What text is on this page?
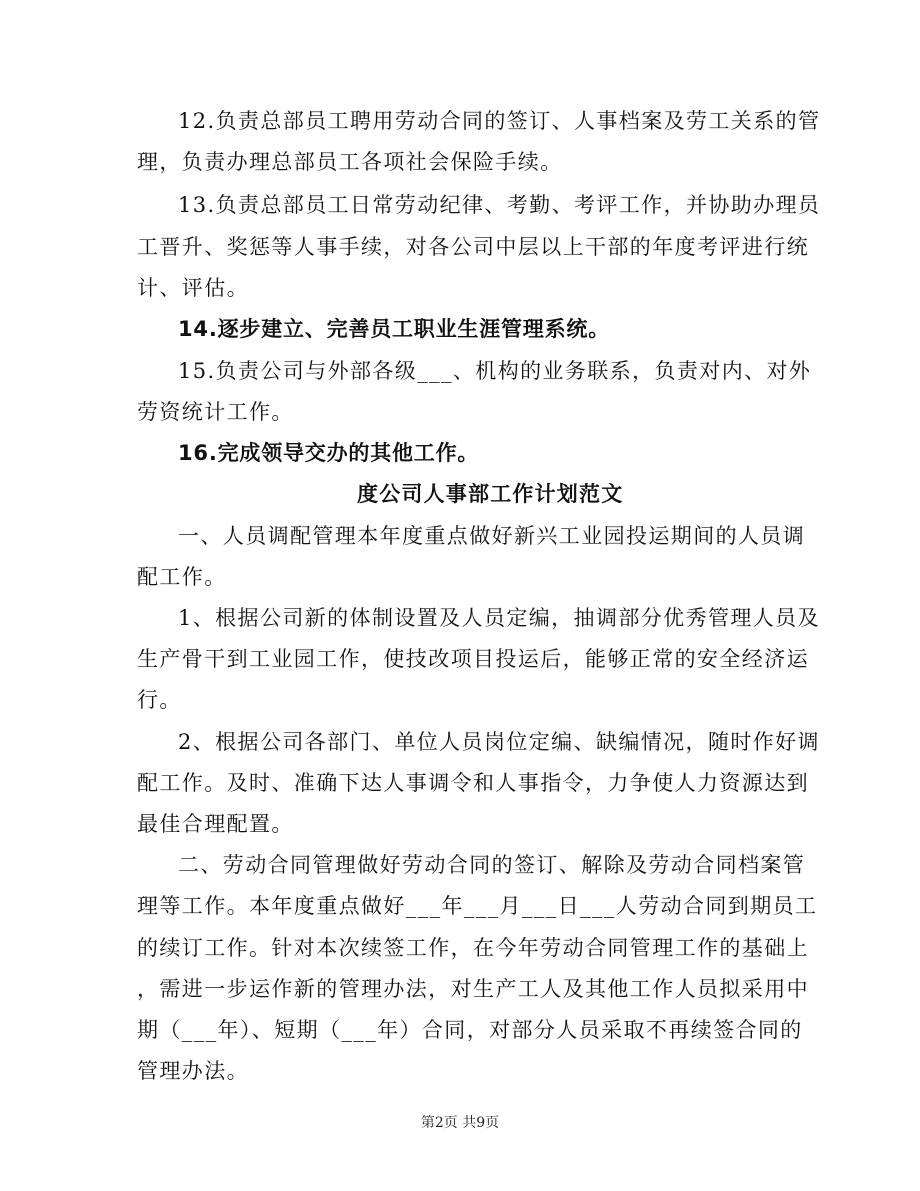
12.负责总部员工聘用劳动合同的签订、人事档案及劳工关系的管
理，负责办理总部员工各项社会保险手续。
13.负责总部员工日常劳动纪律、考勤、考评工作，并协助办理员
工晋升、奖惩等人事手续，对各公司中层以上干部的年度考评进行统
计、评估。
14.逐步建立、完善员工职业生涯管理系统。
15.负责公司与外部各级___、机构的业务联系，负责对内、对外
劳资统计工作。
16.完成领导交办的其他工作。
度公司人事部工作计划范文
一、人员调配管理本年度重点做好新兴工业园投运期间的人员调
配工作。
1、根据公司新的体制设置及人员定编，抽调部分优秀管理人员及
生产骨干到工业园工作，使技改项目投运后，能够正常的安全经济运
行。
2、根据公司各部门、单位人员岗位定编、缺编情况，随时作好调
配工作。及时、准确下达人事调令和人事指令，力争使人力资源达到
最佳合理配置。
二、劳动合同管理做好劳动合同的签订、解除及劳动合同档案管
理等工作。本年度重点做好___年___月___日___人劳动合同到期员工
的续订工作。针对本次续签工作，在今年劳动合同管理工作的基础上
，需进一步运作新的管理办法，对生产工人及其他工作人员拟采用中
期（___年）、短期（___年）合同，对部分人员采取不再续签合同的
管理办法。
第2页 共9页
